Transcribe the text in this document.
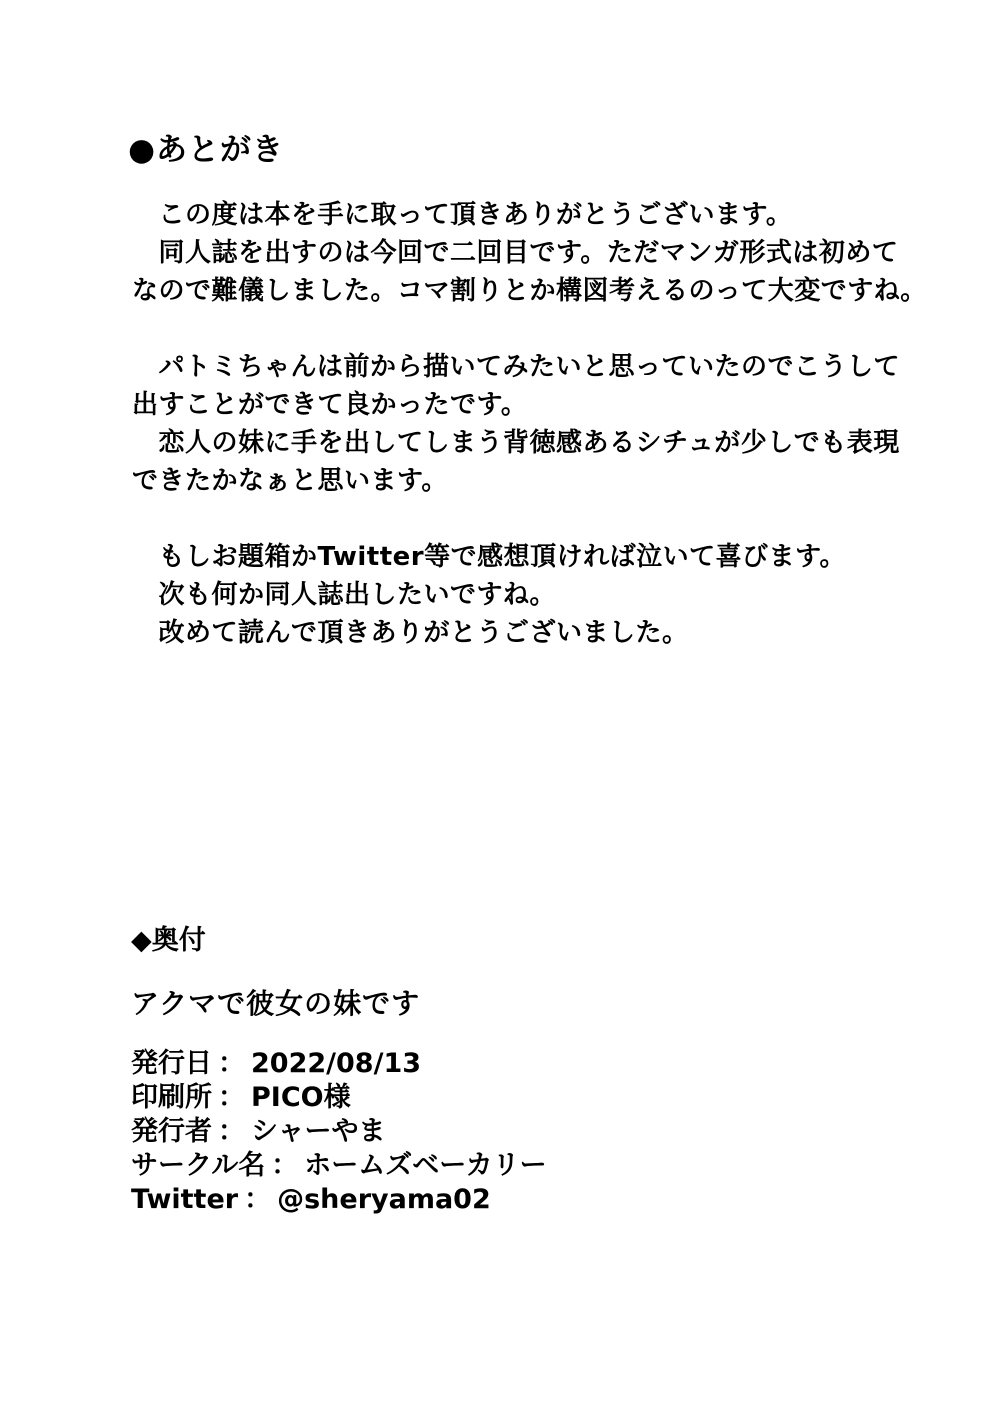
●あとがき
　この度は本を手に取って頂きありがとうございます。
　同人誌を出すのは今回で二回目です。ただマンガ形式は初めて
なので難儀しました。コマ割りとか構図考えるのって大変ですね。
　パトミちゃんは前から描いてみたいと思っていたのでこうして
出すことができて良かったです。
　恋人の妹に手を出してしまう背徳感あるシチュが少しでも表現
できたかなぁと思います。
　もしお題箱かTwitter等で感想頂ければ泣いて喜びます。
　次も何か同人誌出したいですね。
　改めて読んで頂きありがとうございました。
◆奥付
アクマで彼女の妹です
発行日 ： 2022/08/13
印刷所 ： PICO様
発行者 ： シャーやま
サークル名 ： ホームズベーカリー
Twitter ： @sheryama02
